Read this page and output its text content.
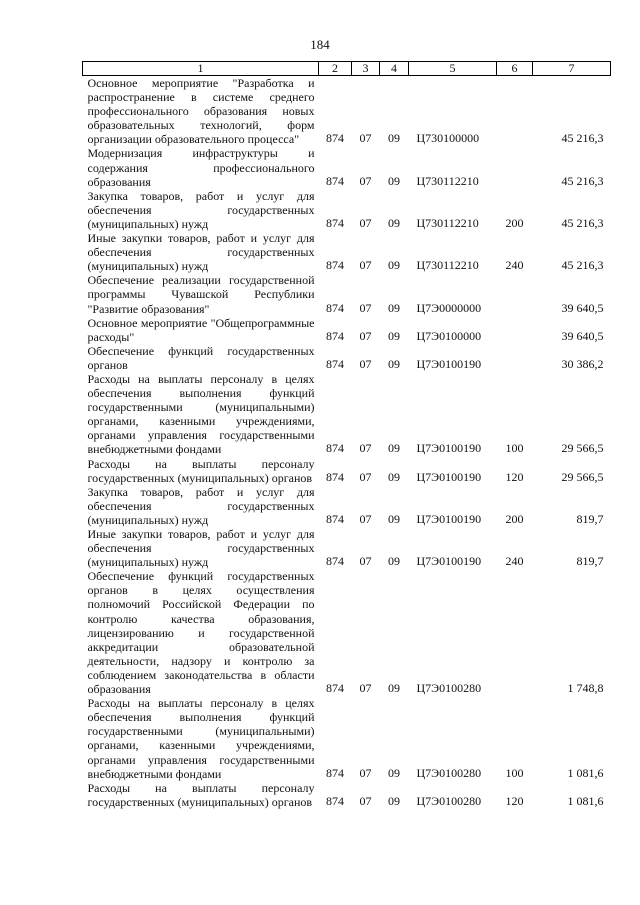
184
1	2	3	4	5	6	7
Основное мероприятие "Разработка и распространение в системе среднего профессионального образования новых образовательных технологий, форм организации образовательного процесса"	874	07	09	Ц730100000		45 216,3
Модернизация инфраструктуры и содержания профессионального образования	874	07	09	Ц730112210		45 216,3
Закупка товаров, работ и услуг для обеспечения государственных (муниципальных) нужд	874	07	09	Ц730112210	200	45 216,3
Иные закупки товаров, работ и услуг для обеспечения государственных (муниципальных) нужд	874	07	09	Ц730112210	240	45 216,3
Обеспечение реализации государственной программы Чувашской Республики "Развитие образования"	874	07	09	Ц7Э0000000		39 640,5
Основное мероприятие "Общепрограммные расходы"	874	07	09	Ц7Э0100000		39 640,5
Обеспечение функций государственных органов	874	07	09	Ц7Э0100190		30 386,2
Расходы на выплаты персоналу в целях обеспечения выполнения функций государственными (муниципальными) органами, казенными учреждениями, органами управления государственными внебюджетными фондами	874	07	09	Ц7Э0100190	100	29 566,5
Расходы на выплаты персоналу государственных (муниципальных) органов	874	07	09	Ц7Э0100190	120	29 566,5
Закупка товаров, работ и услуг для обеспечения государственных (муниципальных) нужд	874	07	09	Ц7Э0100190	200	819,7
Иные закупки товаров, работ и услуг для обеспечения государственных (муниципальных) нужд	874	07	09	Ц7Э0100190	240	819,7
Обеспечение функций государственных органов в целях осуществления полномочий Российской Федерации по контролю качества образования, лицензированию и государственной аккредитации образовательной деятельности, надзору и контролю за соблюдением законодательства в области образования	874	07	09	Ц7Э0100280		1 748,8
Расходы на выплаты персоналу в целях обеспечения выполнения функций государственными (муниципальными) органами, казенными учреждениями, органами управления государственными внебюджетными фондами	874	07	09	Ц7Э0100280	100	1 081,6
Расходы на выплаты персоналу государственных (муниципальных) органов	874	07	09	Ц7Э0100280	120	1 081,6
